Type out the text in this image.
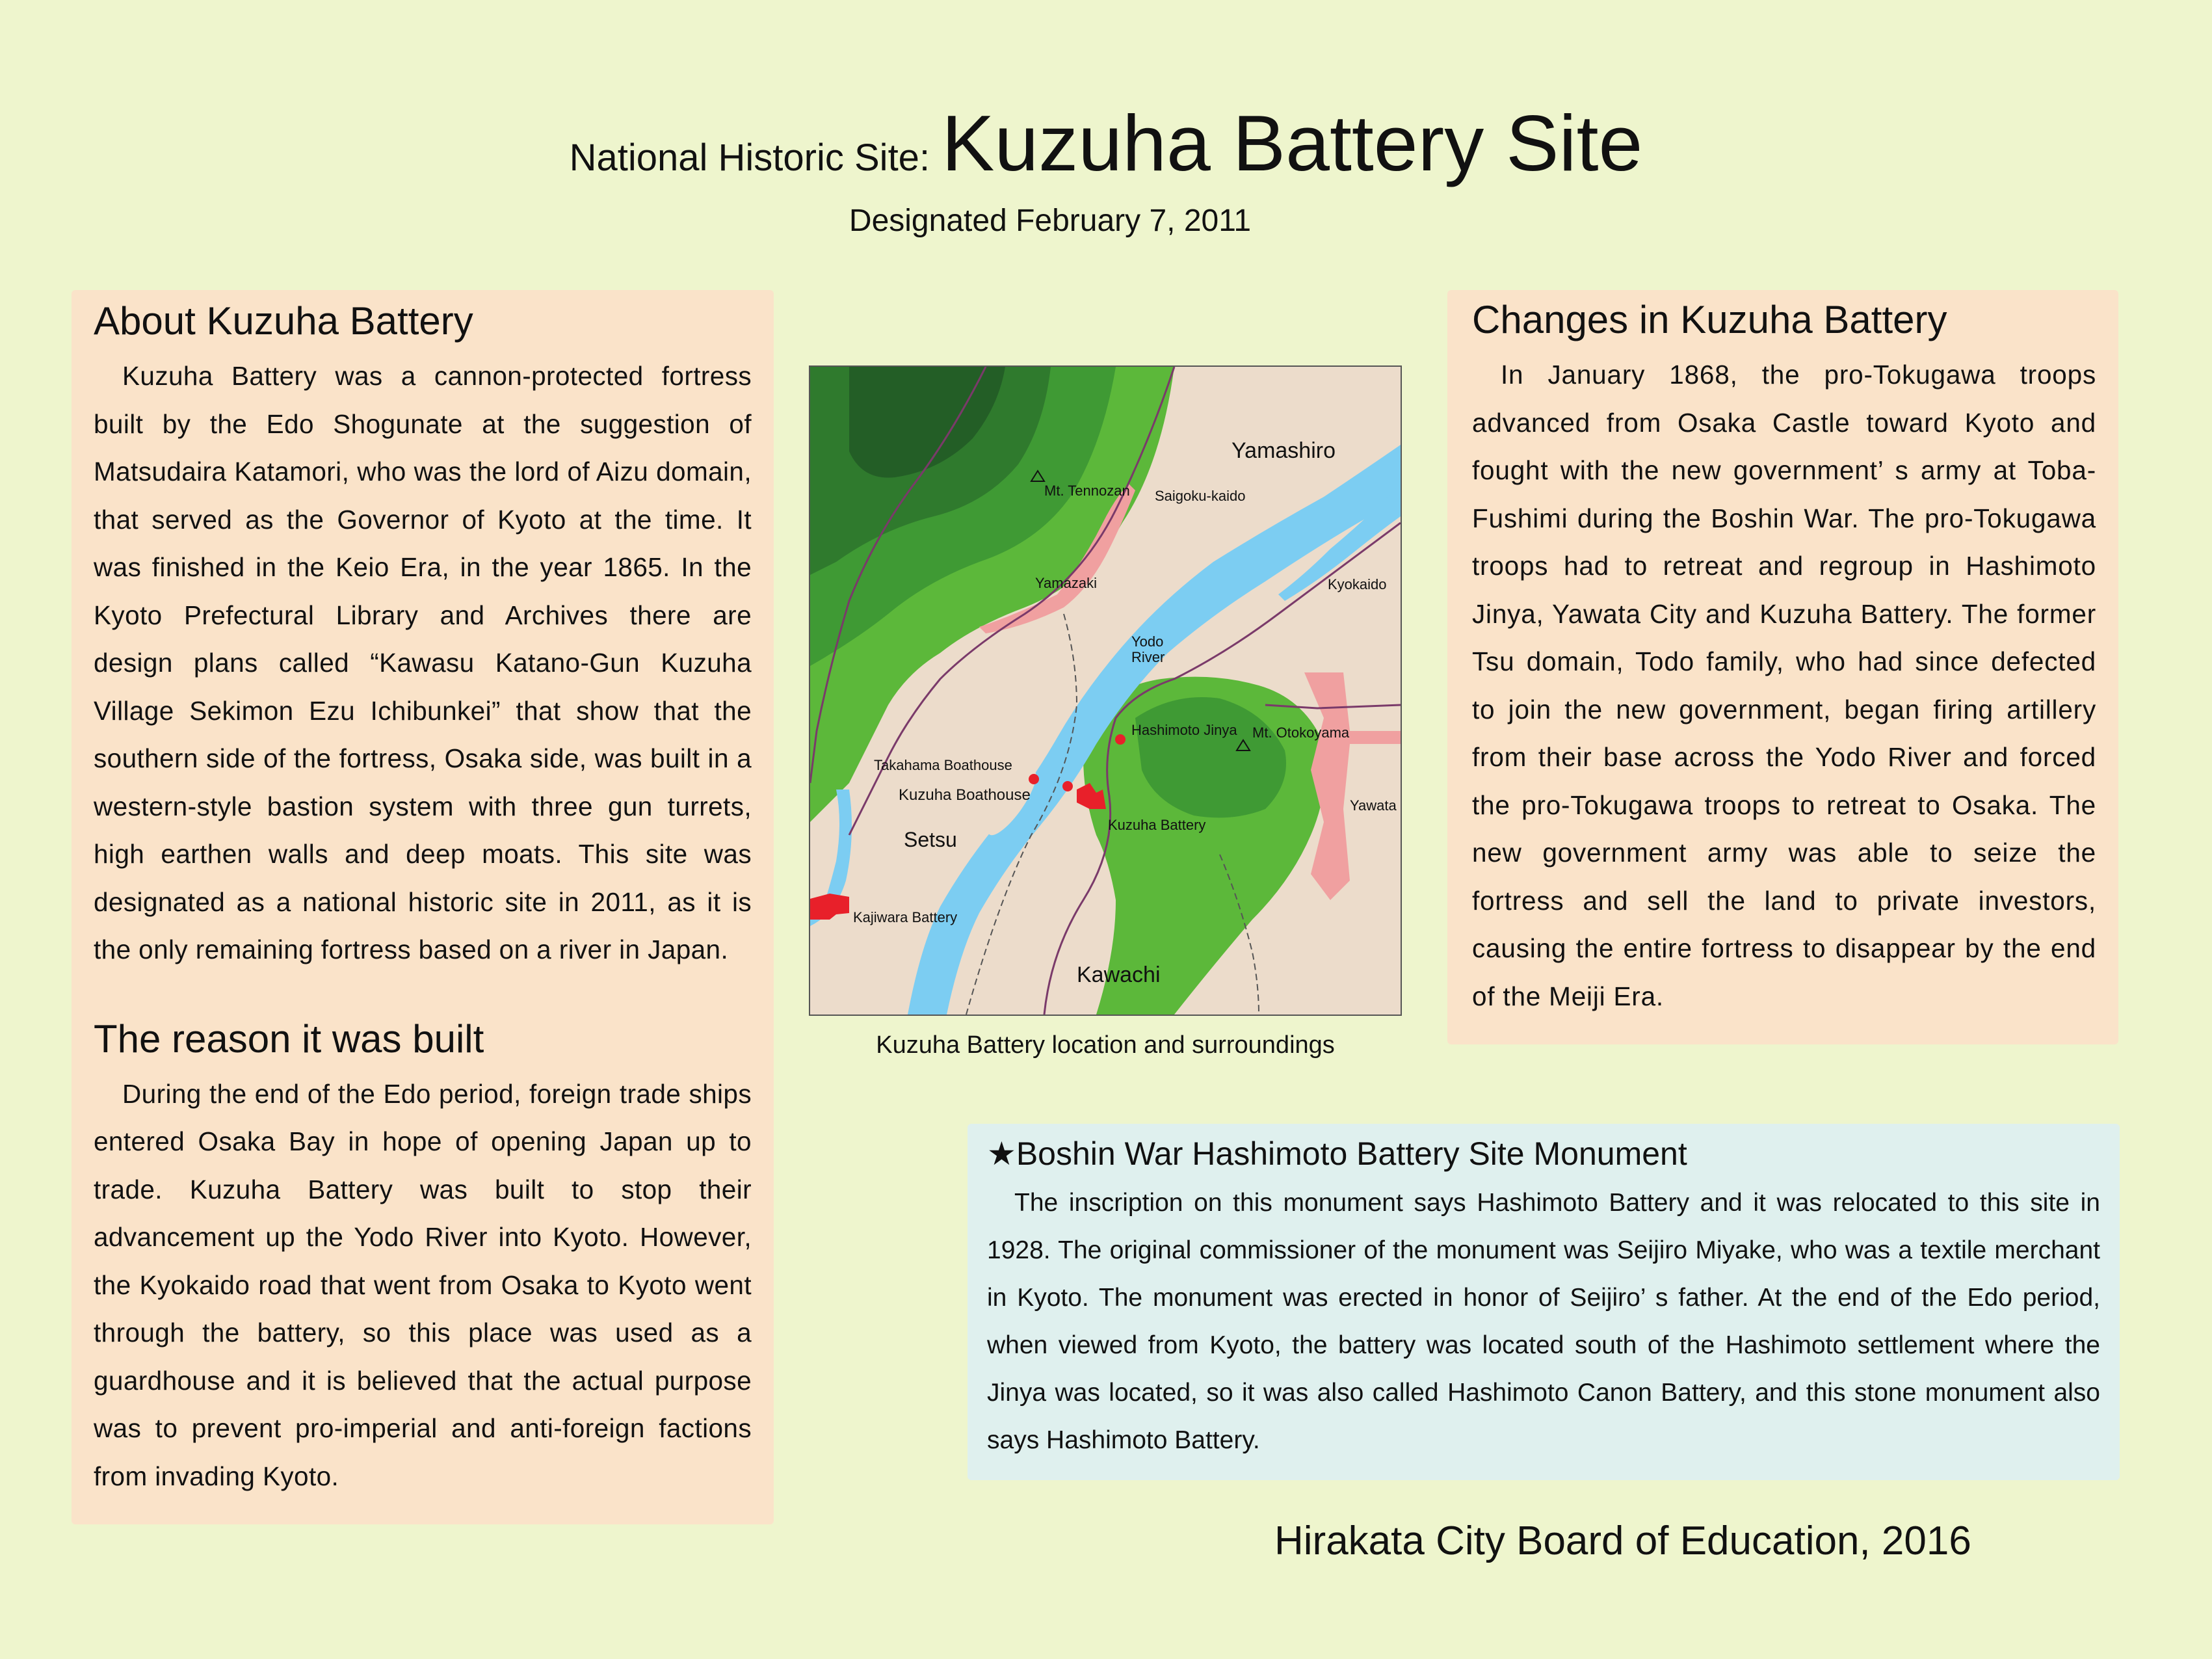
National Historic Site: Kuzuha Battery Site
Designated February 7, 2011
About Kuzuha Battery

Kuzuha Battery was a cannon-protected fortress built by the Edo Shogunate at the suggestion of Matsudaira Katamori, who was the lord of Aizu domain, that served as the Governor of Kyoto at the time. It was finished in the Keio Era, in the year 1865. In the Kyoto Prefectural Library and Archives there are design plans called “Kawasu Katano-Gun Kuzuha Village Sekimon Ezu Ichibunkei” that show that the southern side of the fortress, Osaka side, was built in a western-style bastion system with three gun turrets, high earthen walls and deep moats. This site was designated as a national historic site in 2011, as it is the only remaining fortress based on a river in Japan.

The reason it was built

During the end of the Edo period, foreign trade ships entered Osaka Bay in hope of opening Japan up to trade. Kuzuha Battery was built to stop their advancement up the Yodo River into Kyoto. However, the Kyokaido road that went from Osaka to Kyoto went through the battery, so this place was used as a guardhouse and it is believed that the actual purpose was to prevent pro-imperial and anti-foreign factions from invading Kyoto.

Yamashiro
Mt. Tennozan Saigoku-kaido
Yamazaki	Kyokaido
Yodo
River
Hashimoto Jinya Mt. Otokoyama
Takahama Boathouse
Kuzuha Boathouse
Kuzuha Battery
Yawata
Setsu
Kajiwara Battery
Kawachi
Kuzuha Battery location and surroundings
Changes in Kuzuha Battery

In January 1868, the pro-Tokugawa troops advanced from Osaka Castle toward Kyoto and fought with the new government’ s army at Toba-Fushimi during the Boshin War. The pro-Tokugawa troops had to retreat and regroup in Hashimoto Jinya, Yawata City and Kuzuha Battery. The former Tsu domain, Todo family, who had since defected to join the new government, began firing artillery from their base across the Yodo River and forced the pro-Tokugawa troops to retreat to Osaka. The new government army was able to seize the fortress and sell the land to private investors, causing the entire fortress to disappear by the end of the Meiji Era.

★Boshin War Hashimoto Battery Site Monument

The inscription on this monument says Hashimoto Battery and it was relocated to this site in 1928. The original commissioner of the monument was Seijiro Miyake, who was a textile merchant in Kyoto. The monument was erected in honor of Seijiro’ s father. At the end of the Edo period, when viewed from Kyoto, the battery was located south of the Hashimoto settlement where the Jinya was located, so it was also called Hashimoto Canon Battery, and this stone monument also says Hashimoto Battery.

Hirakata City Board of Education, 2016
